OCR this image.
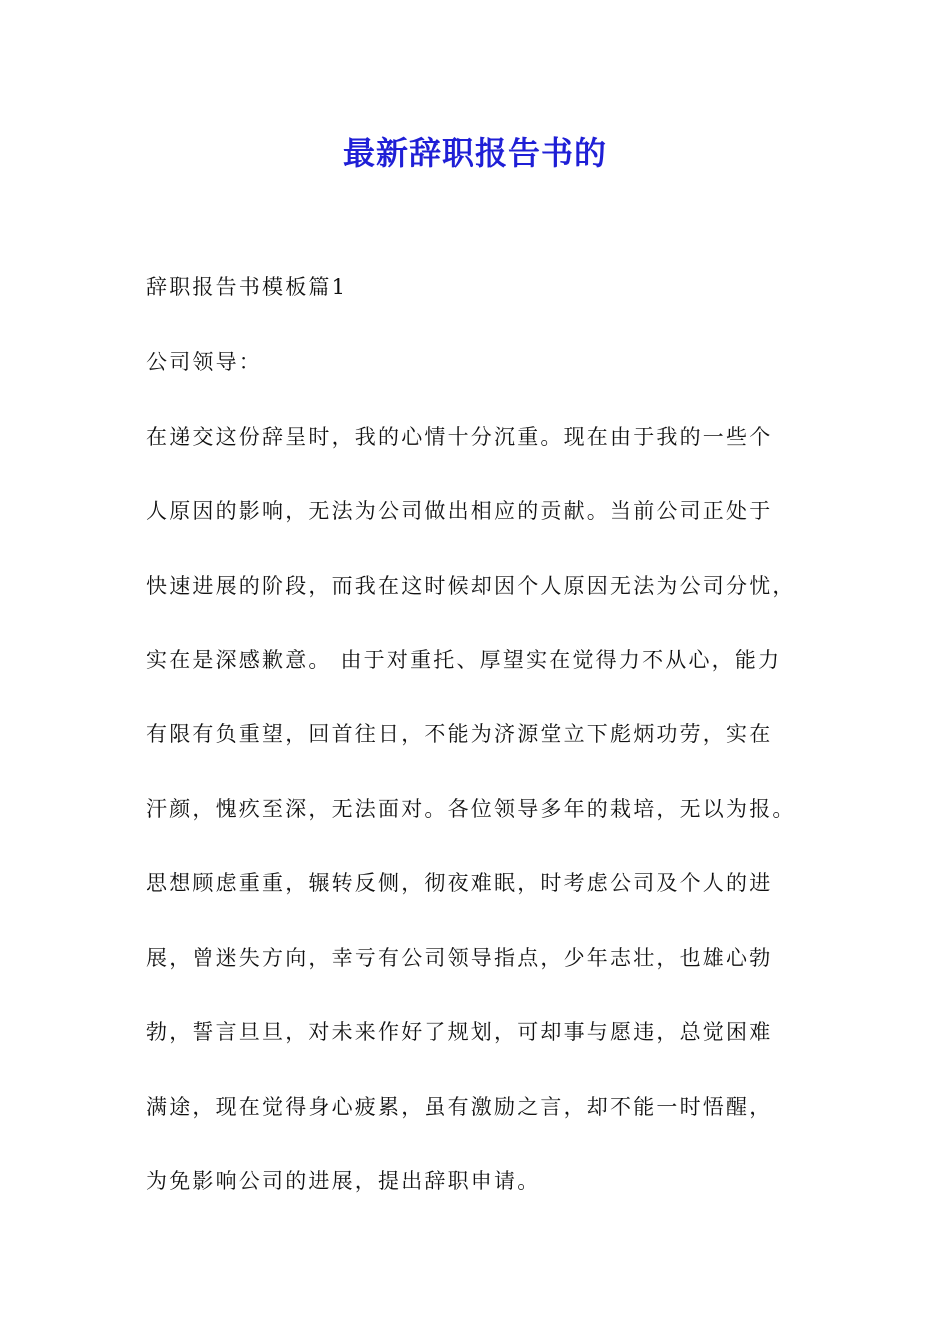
最新辞职报告书的
辞职报告书模板篇1
公司领导：
在递交这份辞呈时，我的心情十分沉重。现在由于我的一些个
人原因的影响，无法为公司做出相应的贡献。当前公司正处于
快速进展的阶段，而我在这时候却因个人原因无法为公司分忧，
实在是深感歉意。 由于对重托、厚望实在觉得力不从心，能力
有限有负重望，回首往日，不能为济源堂立下彪炳功劳，实在
汗颜，愧疚至深，无法面对。各位领导多年的栽培，无以为报。
思想顾虑重重，辗转反侧，彻夜难眠，时考虑公司及个人的进
展，曾迷失方向，幸亏有公司领导指点，少年志壮，也雄心勃
勃，誓言旦旦，对未来作好了规划，可却事与愿违，总觉困难
满途，现在觉得身心疲累，虽有激励之言，却不能一时悟醒，
为免影响公司的进展，提出辞职申请。
